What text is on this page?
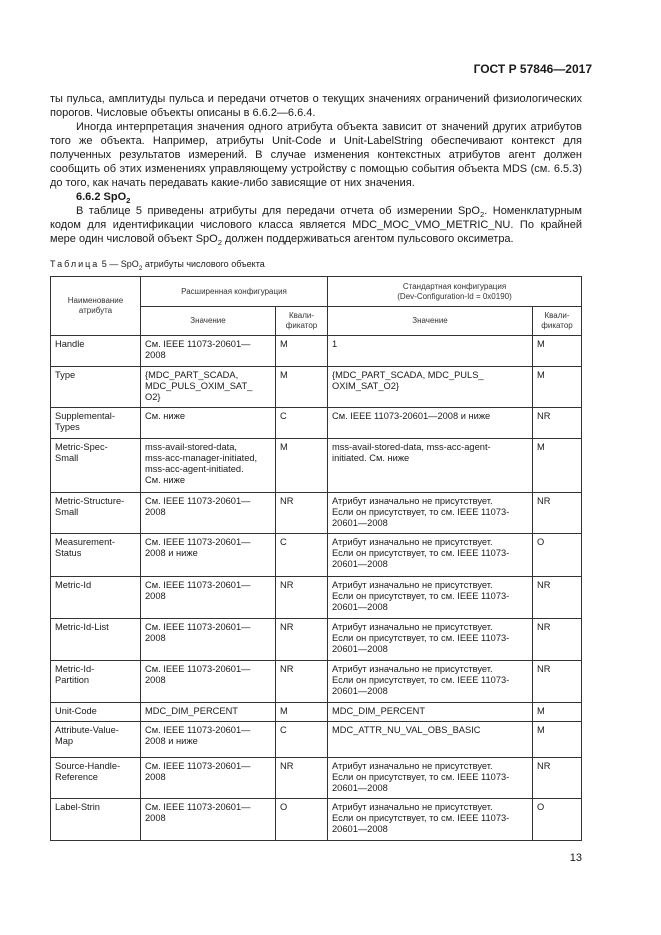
ГОСТ Р 57846—2017

ты пульса, амплитуды пульса и передачи отчетов о текущих значениях ограничений физиологических порогов. Числовые объекты описаны в 6.6.2—6.6.4.

Иногда интерпретация значения одного атрибута объекта зависит от значений других атрибутов того же объекта. Например, атрибуты Unit-Code и Unit-LabelString обеспечивают контекст для полученных результатов измерений. В случае изменения контекстных атрибутов агент должен сообщить об этих изменениях управляющему устройству с помощью события объекта MDS (см. 6.5.3) до того, как начать передавать какие-либо зависящие от них значения.

6.6.2 SpO$_2$

В таблице 5 приведены атрибуты для передачи отчета об измерении SpO$_2$. Номенклатурным кодом для идентификации числового класса является MDC_MOC_VMO_METRIC_NU. По крайней мере один числовой объект SpO$_2$ должен поддерживаться агентом пульсового оксиметра.

Таблица 5 — SpO$_2$ атрибуты числового объекта
Наименование атрибута	Расширенная конфигурация		Стандартная конфигурация
(Dev-Configuration-Id = 0x0190)	
	Значение	Квали-
фикатор	Значение	Квали-
фикатор
Handle	См. IEEE 11073-20601—
2008	M	1	M
Type	{MDC_PART_SCADA,
MDC_PULS_OXIM_SAT_
O2}	M	{MDC_PART_SCADA, MDC_PULS_
OXIM_SAT_O2}	M
Supplemental-
Types	См. ниже	C	См. IEEE 11073-20601—2008 и ниже	NR
Metric-Spec-
Small	mss-avail-stored-data,
mss-acc-manager-initiated,
mss-acc-agent-initiated.
См. ниже	M	mss-avail-stored-data, mss-acc-agent-
initiated. См. ниже	M
Metric-Structure-
Small	См. IEEE 11073-20601—
2008	NR	Атрибут изначально не присутствует.
Если он присутствует, то см. IEEE 11073-
20601—2008	NR
Measurement-
Status	См. IEEE 11073-20601—
2008 и ниже	C	Атрибут изначально не присутствует.
Если он присутствует, то см. IEEE 11073-
20601—2008	O
Metric-Id	См. IEEE 11073-20601—
2008	NR	Атрибут изначально не присутствует.
Если он присутствует, то см. IEEE 11073-
20601—2008	NR
Metric-Id-List	См. IEEE 11073-20601—
2008	NR	Атрибут изначально не присутствует.
Если он присутствует, то см. IEEE 11073-
20601—2008	NR
Metric-Id-
Partition	См. IEEE 11073-20601—
2008	NR	Атрибут изначально не присутствует.
Если он присутствует, то см. IEEE 11073-
20601—2008	NR
Unit-Code	MDC_DIM_PERCENT	M	MDC_DIM_PERCENT	M
Attribute-Value-
Map	См. IEEE 11073-20601—
2008 и ниже	C	MDC_ATTR_NU_VAL_OBS_BASIC	M
Source-Handle-
Reference	См. IEEE 11073-20601—
2008	NR	Атрибут изначально не присутствует.
Если он присутствует, то см. IEEE 11073-
20601—2008	NR
Label-Strin	См. IEEE 11073-20601—
2008	O	Атрибут изначально не присутствует.
Если он присутствует, то см. IEEE 11073-
20601—2008	O
13
